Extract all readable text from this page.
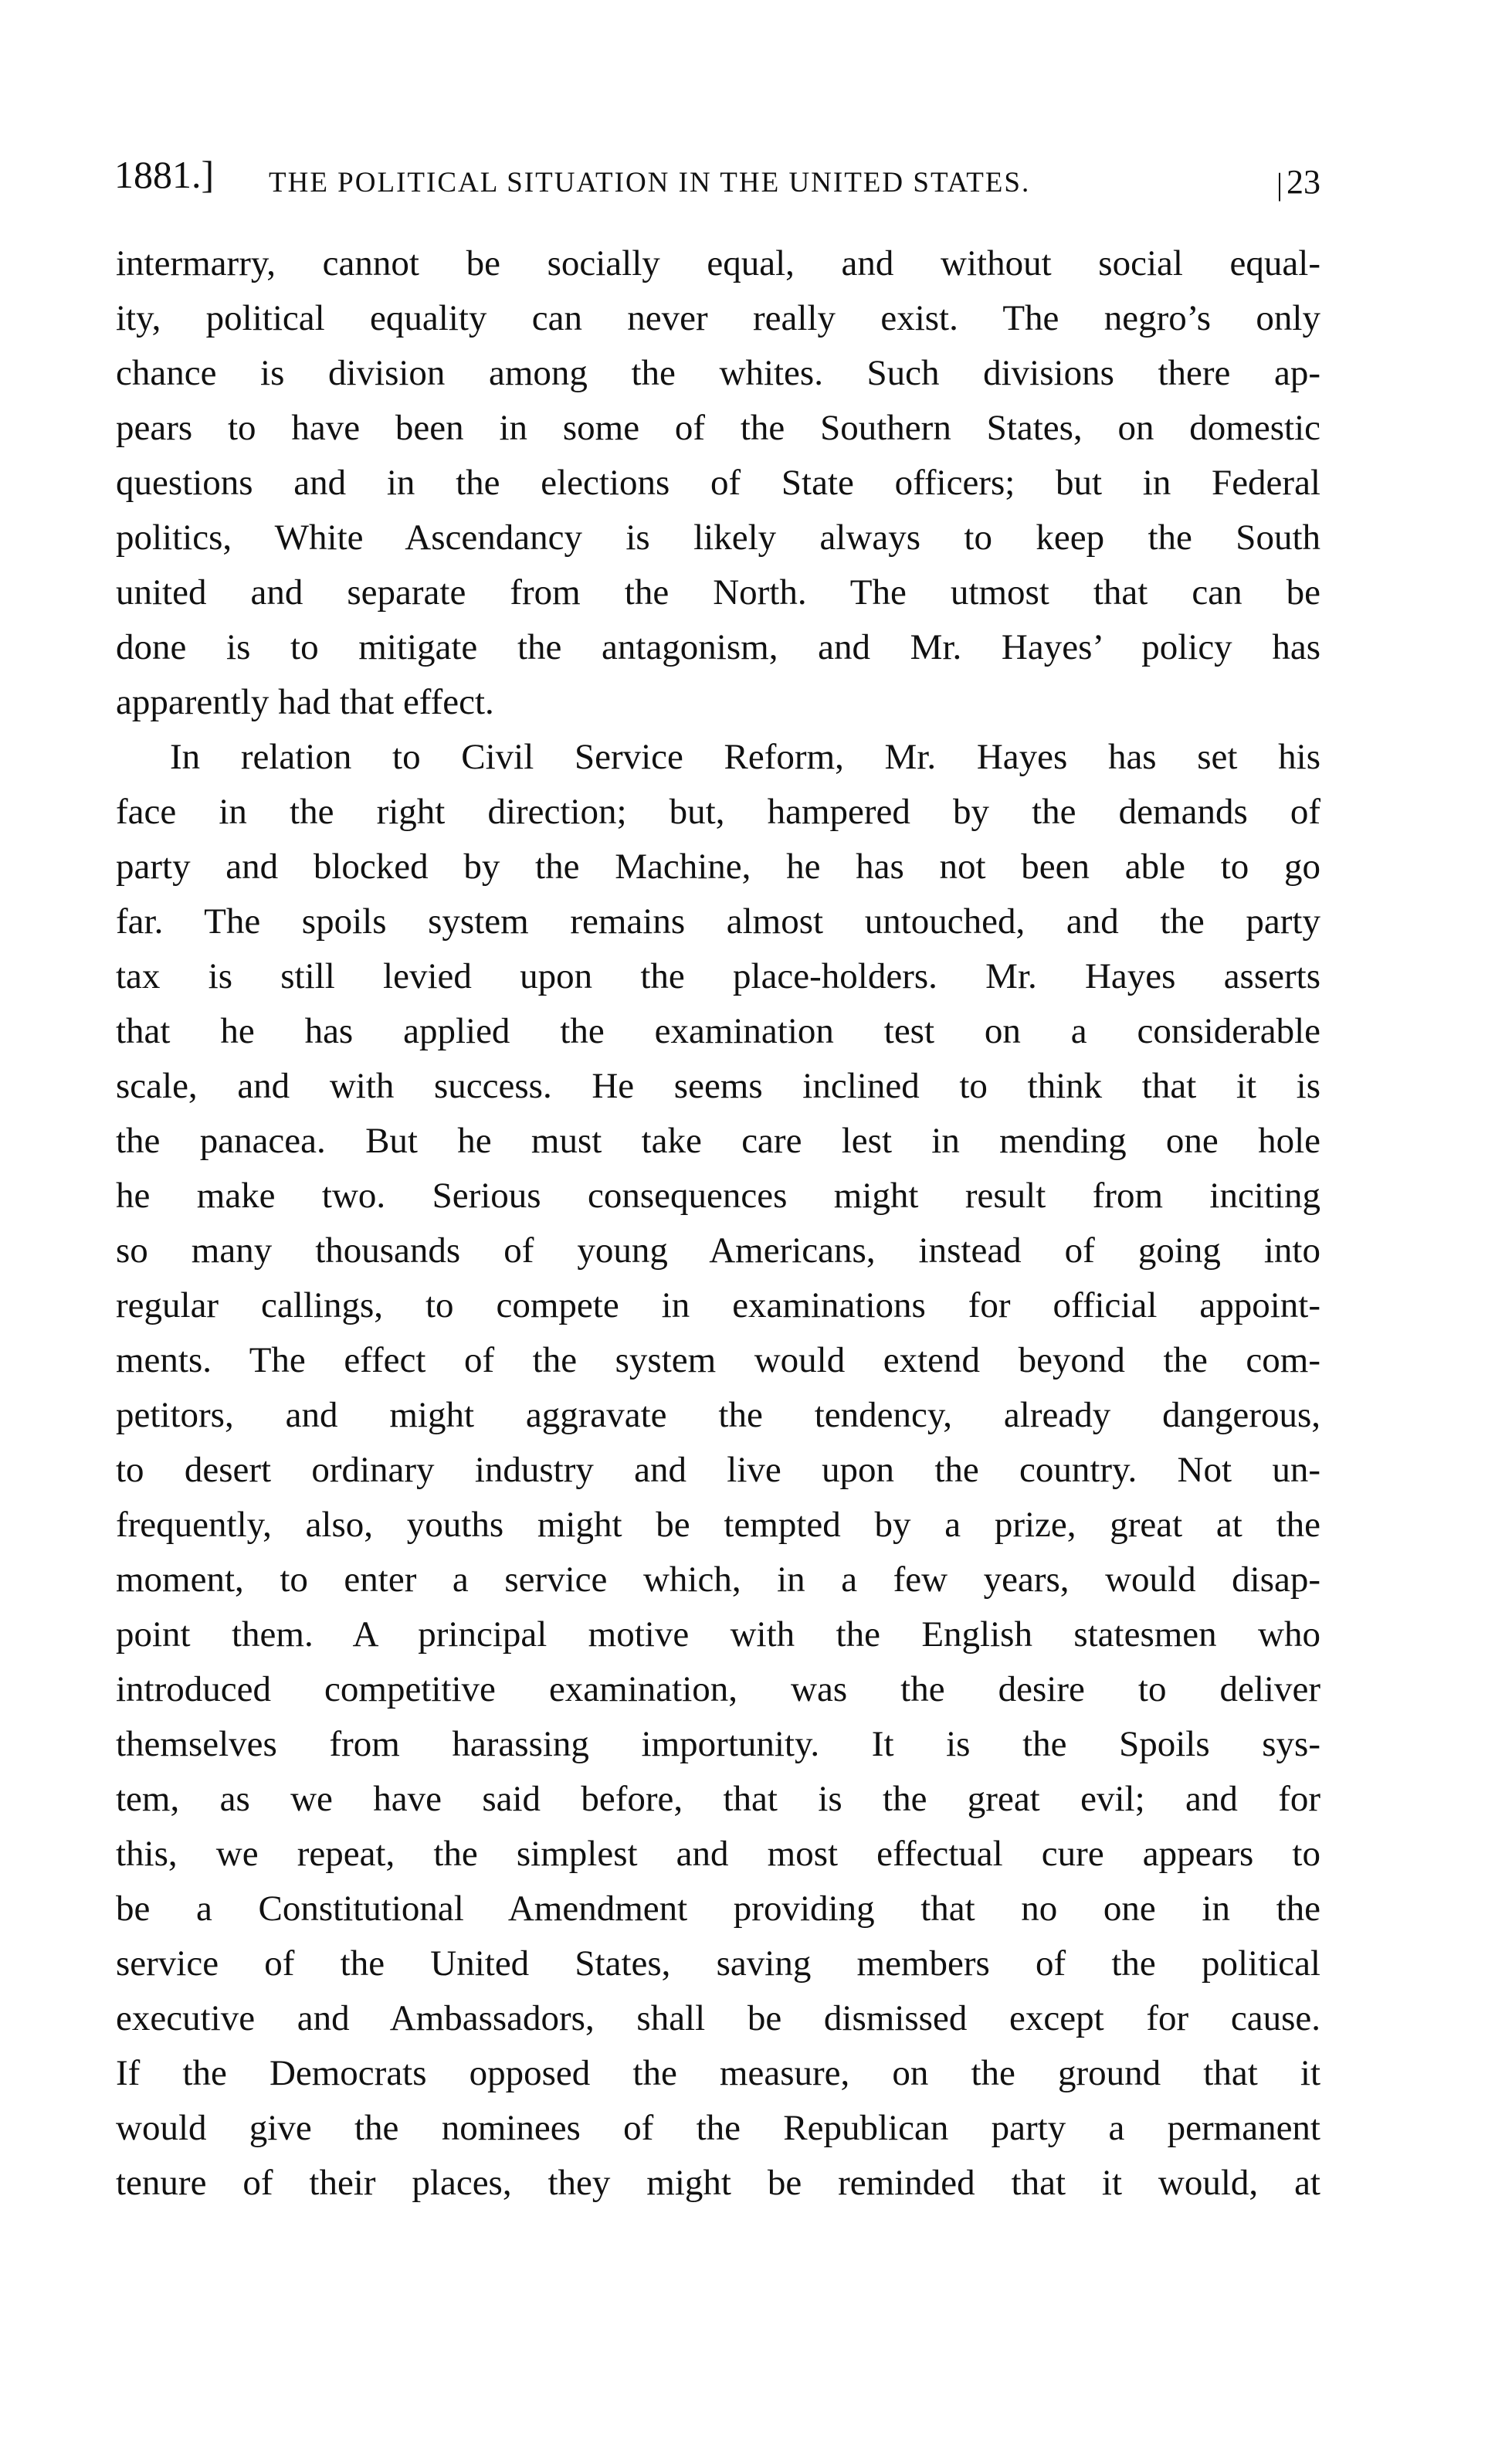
1881.] THE POLITICAL SITUATION IN THE UNITED STATES.	| 23
intermarry, cannot be socially equal, and without social equal-
ity, political equality can never really exist. The negro’s only
chance is division among the whites. Such divisions there ap-
pears to have been in some of the Southern States, on domestic
questions and in the elections of State officers; but in Federal
politics, White Ascendancy is likely always to keep the South
united and separate from the North. The utmost that can be
done is to mitigate the antagonism, and Mr. Hayes’ policy has
apparently had that effect.
In relation to Civil Service Reform, Mr. Hayes has set his
face in the right direction; but, hampered by the demands of
party and blocked by the Machine, he has not been able to go
far. The spoils system remains almost untouched, and the party
tax is still levied upon the place-holders. Mr. Hayes asserts
that he has applied the examination test on a considerable
scale, and with success. He seems inclined to think that it is
the panacea. But he must take care lest in mending one hole
he make two. Serious consequences might result from inciting
so many thousands of young Americans, instead of going into
regular callings, to compete in examinations for official appoint-
ments. The effect of the system would extend beyond the com-
petitors, and might aggravate the tendency, already dangerous,
to desert ordinary industry and live upon the country. Not un-
frequently, also, youths might be tempted by a prize, great at the
moment, to enter a service which, in a few years, would disap-
point them. A principal motive with the English statesmen who
introduced competitive examination, was the desire to deliver
themselves from harassing importunity. It is the Spoils sys-
tem, as we have said before, that is the great evil; and for
this, we repeat, the simplest and most effectual cure appears to
be a Constitutional Amendment providing that no one in the
service of the United States, saving members of the political
executive and Ambassadors, shall be dismissed except for cause.
If the Democrats opposed the measure, on the ground that it
would give the nominees of the Republican party a permanent
tenure of their places, they might be reminded that it would, at
